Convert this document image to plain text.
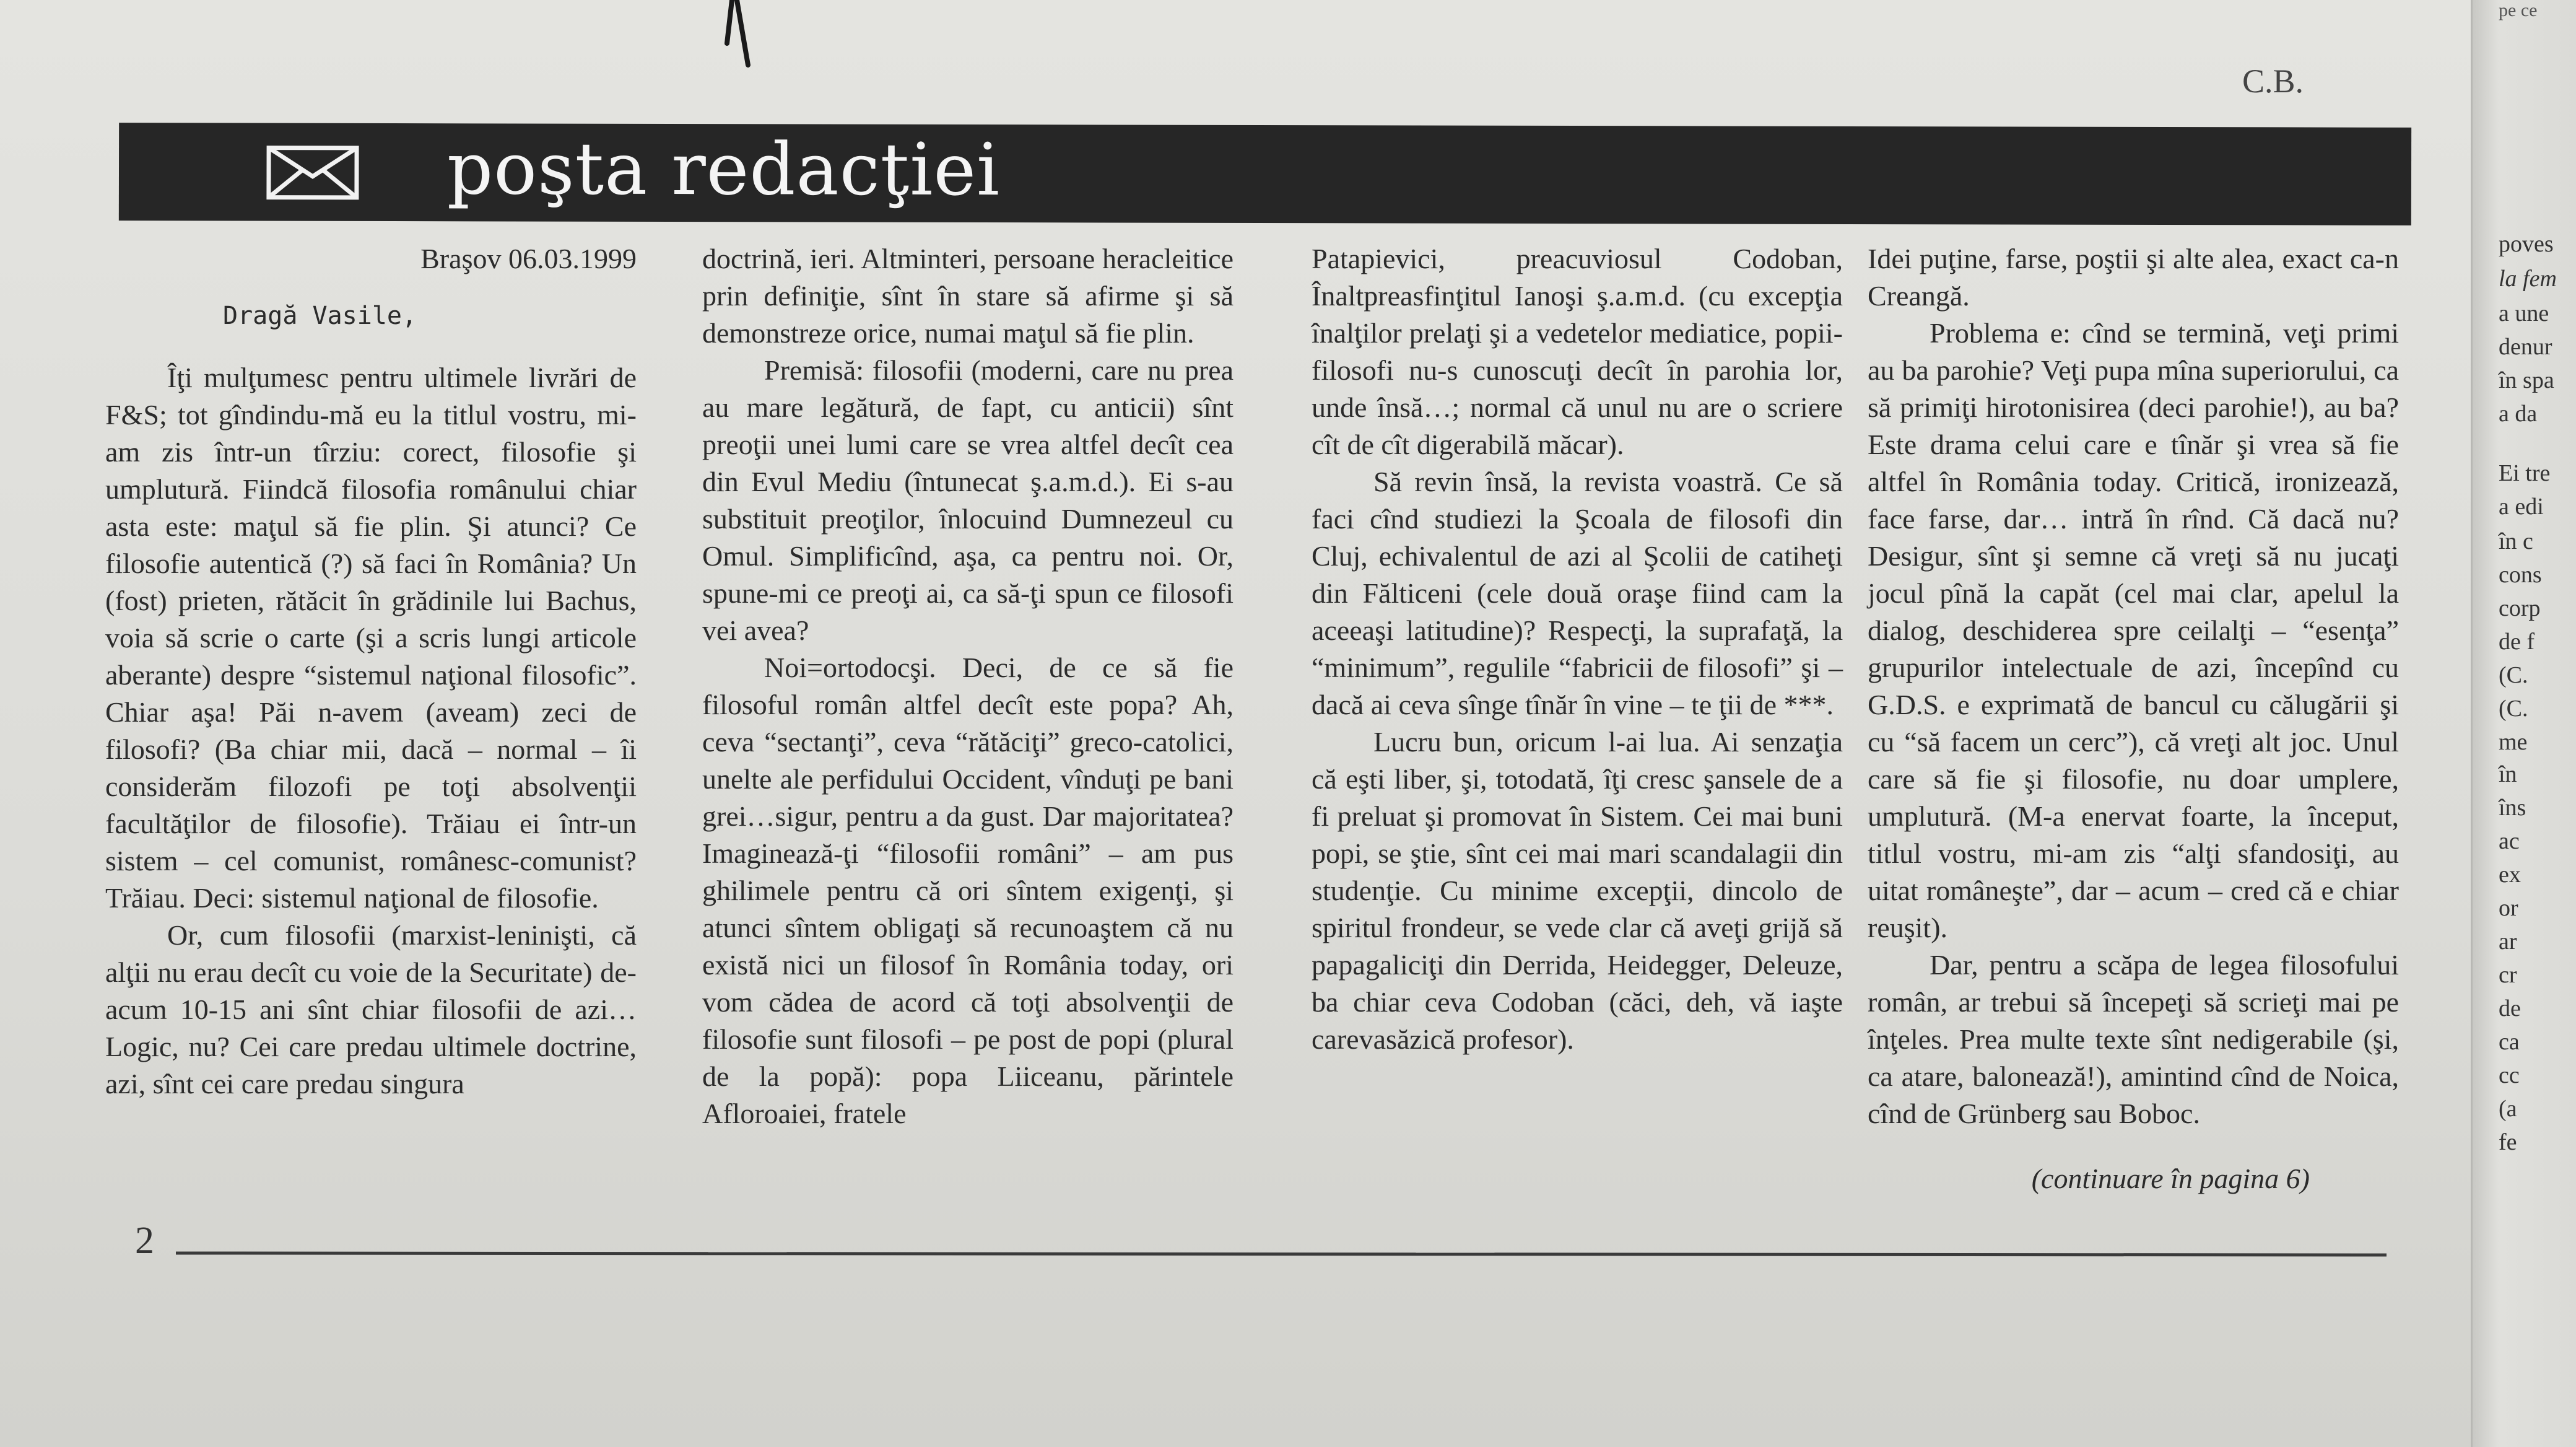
C.B.
poşta redacţiei

Braşov 06.03.1999

Dragă Vasile,

Îţi mulţumesc pentru ultimele livrări de F&S; tot gîndindu-mă eu la titlul vostru, mi-am zis într-un tîrziu: corect, filosofie şi umplutură. Fiindcă filosofia românului chiar asta este: maţul să fie plin. Şi atunci? Ce filosofie autentică (?) să faci în România? Un (fost) prieten, rătăcit în grădinile lui Bachus, voia să scrie o carte (şi a scris lungi articole aberante) despre “sistemul naţional filosofic”. Chiar aşa! Păi n-avem (aveam) zeci de filosofi? (Ba chiar mii, dacă – normal – îi considerăm filozofi pe toţi absolvenţii facultăţilor de filosofie). Trăiau ei într-un sistem – cel comunist, românesc-comunist? Trăiau. Deci: sistemul naţional de filosofie.

Or, cum filosofii (marxist-leninişti, că alţii nu erau decît cu voie de la Securitate) de-acum 10-15 ani sînt chiar filosofii de azi… Logic, nu? Cei care predau ultimele doctrine, azi, sînt cei care predau singura

doctrină, ieri. Altminteri, persoane heracleitice prin definiţie, sînt în stare să afirme şi să demonstreze orice, numai maţul să fie plin.

Premisă: filosofii (moderni, care nu prea au mare legătură, de fapt, cu anticii) sînt preoţii unei lumi care se vrea altfel decît cea din Evul Mediu (întunecat ş.a.m.d.). Ei s-au substituit preoţilor, înlocuind Dumnezeul cu Omul. Simplificînd, aşa, ca pentru noi. Or, spune-mi ce preoţi ai, ca să-ţi spun ce filosofi vei avea?

Noi=ortodocşi. Deci, de ce să fie filosoful român altfel decît este popa? Ah, ceva “sectanţi”, ceva “rătăciţi” greco-catolici, unelte ale perfidului Occident, vînduţi pe bani grei…sigur, pentru a da gust. Dar majoritatea? Imaginează-ţi “filosofii români” – am pus ghilimele pentru că ori sîntem exigenţi, şi atunci sîntem obligaţi să recunoaştem că nu există nici un filosof în România today, ori vom cădea de acord că toţi absolvenţii de filosofie sunt filosofi – pe post de popi (plural de la popă): popa Liiceanu, părintele Afloroaiei, fratele

Patapievici, preacuviosul Codoban, Înaltpreasfinţitul Ianoşi ş.a.m.d. (cu excepţia înalţilor prelaţi şi a vedetelor mediatice, popii-filosofi nu-s cunoscuţi decît în parohia lor, unde însă…; normal că unul nu are o scriere cît de cît digerabilă măcar).

Să revin însă, la revista voastră. Ce să faci cînd studiezi la Şcoala de filosofi din Cluj, echivalentul de azi al Şcolii de catiheţi din Fălticeni (cele două oraşe fiind cam la aceeaşi latitudine)? Respecţi, la suprafaţă, la “minimum”, regulile “fabricii de filosofi” şi – dacă ai ceva sînge tînăr în vine – te ţii de ***.

Lucru bun, oricum l-ai lua. Ai senzaţia că eşti liber, şi, totodată, îţi cresc şansele de a fi preluat şi promovat în Sistem. Cei mai buni popi, se ştie, sînt cei mai mari scandalagii din studenţie. Cu minime excepţii, dincolo de spiritul frondeur, se vede clar că aveţi grijă să papagaliciţi din Derrida, Heidegger, Deleuze, ba chiar ceva Codoban (căci, deh, vă iaşte carevasăzică profesor).

Idei puţine, farse, poştii şi alte alea, exact ca-n Creangă.

Problema e: cînd se termină, veţi primi au ba parohie? Veţi pupa mîna superiorului, ca să primiţi hirotonisirea (deci parohie!), au ba? Este drama celui care e tînăr şi vrea să fie altfel în România today. Critică, ironizează, face farse, dar… intră în rînd. Că dacă nu? Desigur, sînt şi semne că vreţi să nu jucaţi jocul pînă la capăt (cel mai clar, apelul la dialog, deschiderea spre ceilalţi – “esenţa” grupurilor intelectuale de azi, începînd cu G.D.S. e exprimată de bancul cu călugării şi cu “să facem un cerc”), că vreţi alt joc. Unul care să fie şi filosofie, nu doar umplere, umplutură. (M-a enervat foarte, la început, titlul vostru, mi-am zis “alţi sfandosiţi, au uitat româneşte”, dar – acum – cred că e chiar reuşit).

Dar, pentru a scăpa de legea filosofului român, ar trebui să începeţi să scrieţi mai pe înţeles. Prea multe texte sînt nedigerabile (şi, ca atare, balonează!), amintind cînd de Noica, cînd de Grünberg sau Boboc.

(continuare în pagina 6)
2
pe ce
poves
la fem
a une
denur
în spa
a da
Ei tre
a edi
în c
cons
corp
de f
(C.
(C.
me
în
îns
ac
ex
or
ar
cr
de
ca
cc
(a
fe
